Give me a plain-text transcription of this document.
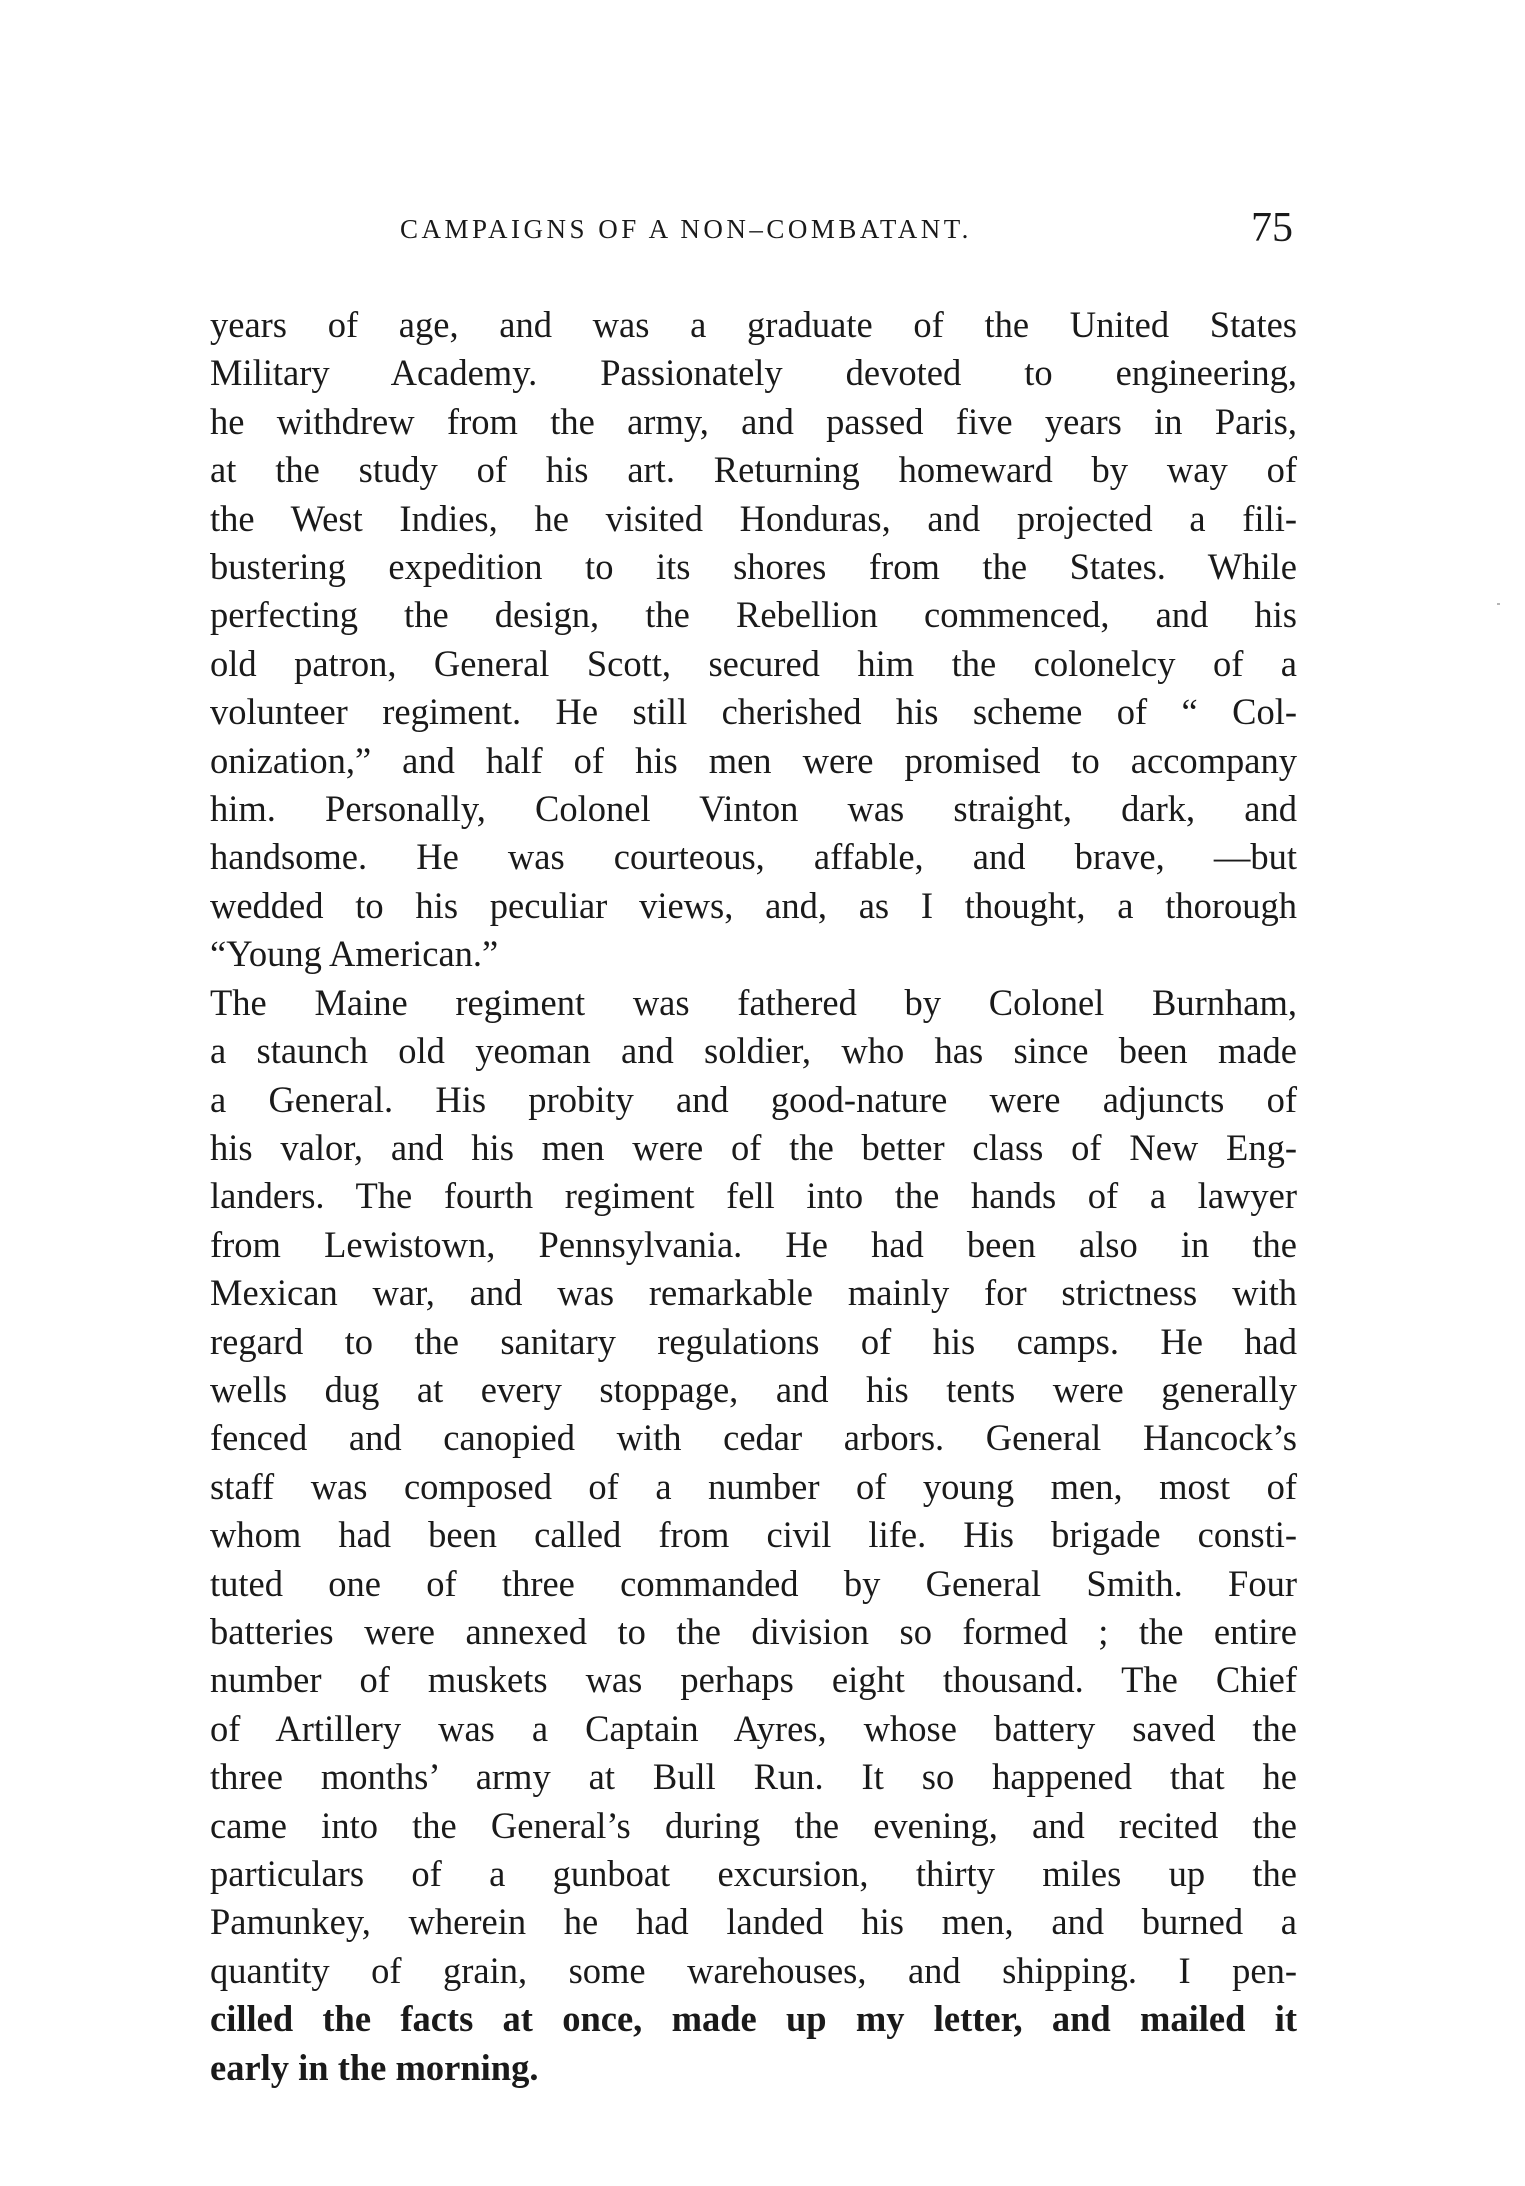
CAMPAIGNS OF A NON–COMBATANT.	75

years of age, and was a graduate of the United States
Military Academy. Passionately devoted to engineering,
he withdrew from the army, and passed five years in Paris,
at the study of his art. Returning homeward by way of
the West Indies, he visited Honduras, and projected a fili-
bustering expedition to its shores from the States. While
perfecting the design, the Rebellion commenced, and his
old patron, General Scott, secured him the colonelcy of a
volunteer regiment. He still cherished his scheme of “ Col-
onization,” and half of his men were promised to accompany
him. Personally, Colonel Vinton was straight, dark, and
handsome. He was courteous, affable, and brave, —but
wedded to his peculiar views, and, as I thought, a thorough
“Young American.”

The Maine regiment was fathered by Colonel Burnham,
a staunch old yeoman and soldier, who has since been made
a General. His probity and good-nature were adjuncts of
his valor, and his men were of the better class of New Eng-
landers. The fourth regiment fell into the hands of a lawyer
from Lewistown, Pennsylvania. He had been also in the
Mexican war, and was remarkable mainly for strictness with
regard to the sanitary regulations of his camps. He had
wells dug at every stoppage, and his tents were generally
fenced and canopied with cedar arbors. General Hancock’s
staff was composed of a number of young men, most of
whom had been called from civil life. His brigade consti-
tuted one of three commanded by General Smith. Four
batteries were annexed to the division so formed ; the entire
number of muskets was perhaps eight thousand. The Chief
of Artillery was a Captain Ayres, whose battery saved the
three months’ army at Bull Run. It so happened that he
came into the General’s during the evening, and recited the
particulars of a gunboat excursion, thirty miles up the
Pamunkey, wherein he had landed his men, and burned a
quantity of grain, some warehouses, and shipping. I pen-
cilled the facts at once, made up my letter, and mailed it
early in the morning.
